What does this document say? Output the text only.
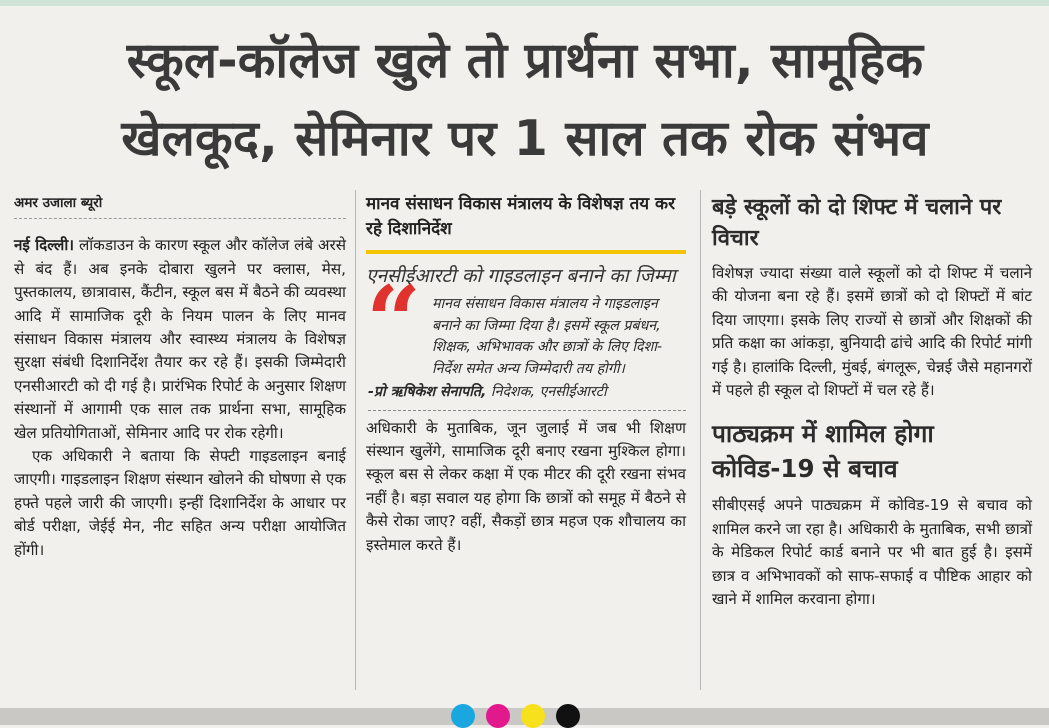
स्कूल-कॉलेज खुले तो प्रार्थना सभा, सामूहिक
खेलकूद, सेमिनार पर 1 साल तक रोक संभव
अमर उजाला ब्यूरो

नई दिल्ली। लॉकडाउन के कारण स्कूल और कॉलेज लंबे अरसे से बंद हैं। अब इनके दोबारा खुलने पर क्लास, मेस, पुस्तकालय, छात्रावास, कैंटीन, स्कूल बस में बैठने की व्यवस्था आदि में सामाजिक दूरी के नियम पालन के लिए मानव संसाधन विकास मंत्रालय और स्वास्थ्य मंत्रालय के विशेषज्ञ सुरक्षा संबंधी दिशानिर्देश तैयार कर रहे हैं। इसकी जिम्मेदारी एनसीआरटी को दी गई है। प्रारंभिक रिपोर्ट के अनुसार शिक्षण संस्थानों में आगामी एक साल तक प्रार्थना सभा, सामूहिक खेल प्रतियोगिताओं, सेमिनार आदि पर रोक रहेगी।

एक अधिकारी ने बताया कि सेफ्टी गाइडलाइन बनाई जाएगी। गाइडलाइन शिक्षण संस्थान खोलने की घोषणा से एक हफ्ते पहले जारी की जाएगी। इन्हीं दिशानिर्देश के आधार पर बोर्ड परीक्षा, जेईई मेन, नीट सहित अन्य परीक्षा आयोजित होंगी।

मानव संसाधन विकास मंत्रालय के विशेषज्ञ तय कर रहे दिशानिर्देश
एनसीईआरटी को गाइडलाइन बनाने का जिम्मा
“ मानव संसाधन विकास मंत्रालय ने गाइडलाइन बनाने का जिम्मा दिया है। इसमें स्कूल प्रबंधन, शिक्षक, अभिभावक और छात्रों के लिए दिशा-निर्देश समेत अन्य जिम्मेदारी तय होगी।

-प्रो ऋषिकेश सेनापति, निदेशक, एनसीईआरटी

अधिकारी के मुताबिक, जून जुलाई में जब भी शिक्षण संस्थान खुलेंगे, सामाजिक दूरी बनाए रखना मुश्किल होगा। स्कूल बस से लेकर कक्षा में एक मीटर की दूरी रखना संभव नहीं है। बड़ा सवाल यह होगा कि छात्रों को समूह में बैठने से कैसे रोका जाए? वहीं, सैकड़ों छात्र महज एक शौचालय का इस्तेमाल करते हैं।

बड़े स्कूलों को दो शिफ्ट में चलाने पर विचार

विशेषज्ञ ज्यादा संख्या वाले स्कूलों को दो शिफ्ट में चलाने की योजना बना रहे हैं। इसमें छात्रों को दो शिफ्टों में बांट दिया जाएगा। इसके लिए राज्यों से छात्रों और शिक्षकों की प्रति कक्षा का आंकड़ा, बुनियादी ढांचे आदि की रिपोर्ट मांगी गई है। हालांकि दिल्ली, मुंबई, बंगलूरू, चेन्नई जैसे महानगरों में पहले ही स्कूल दो शिफ्टों में चल रहे हैं।

पाठ्यक्रम में शामिल होगा कोविड-19 से बचाव

सीबीएसई अपने पाठ्यक्रम में कोविड-19 से बचाव को शामिल करने जा रहा है। अधिकारी के मुताबिक, सभी छात्रों के मेडिकल रिपोर्ट कार्ड बनाने पर भी बात हुई है। इसमें छात्र व अभिभावकों को साफ-सफाई व पौष्टिक आहार को खाने में शामिल करवाना होगा।
